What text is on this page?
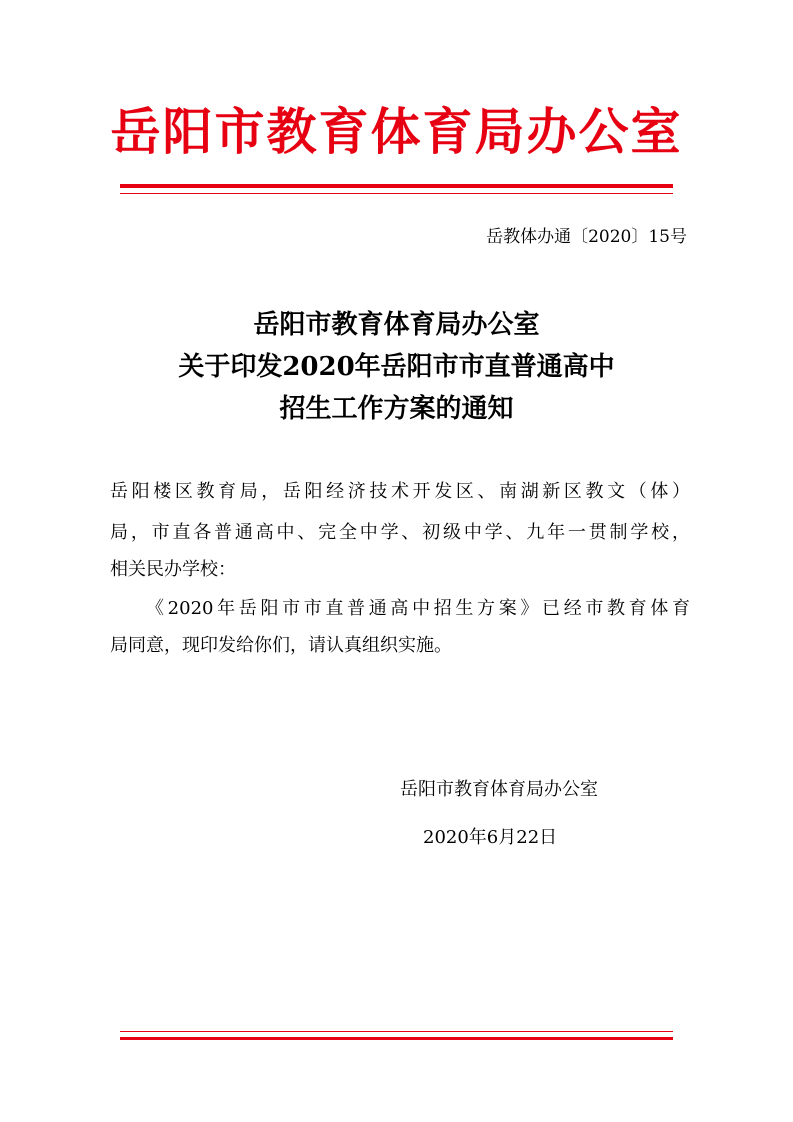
岳阳市教育体育局办公室
岳教体办通〔2020〕15号
岳阳市教育体育局办公室
关于印发2020年岳阳市市直普通高中
招生工作方案的通知
岳阳楼区教育局，岳阳经济技术开发区、南湖新区教文（体）
局，市直各普通高中、完全中学、初级中学、九年一贯制学校，
相关民办学校：
《2020年岳阳市市直普通高中招生方案》已经市教育体育
局同意，现印发给你们，请认真组织实施。
岳阳市教育体育局办公室
2020年6月22日
